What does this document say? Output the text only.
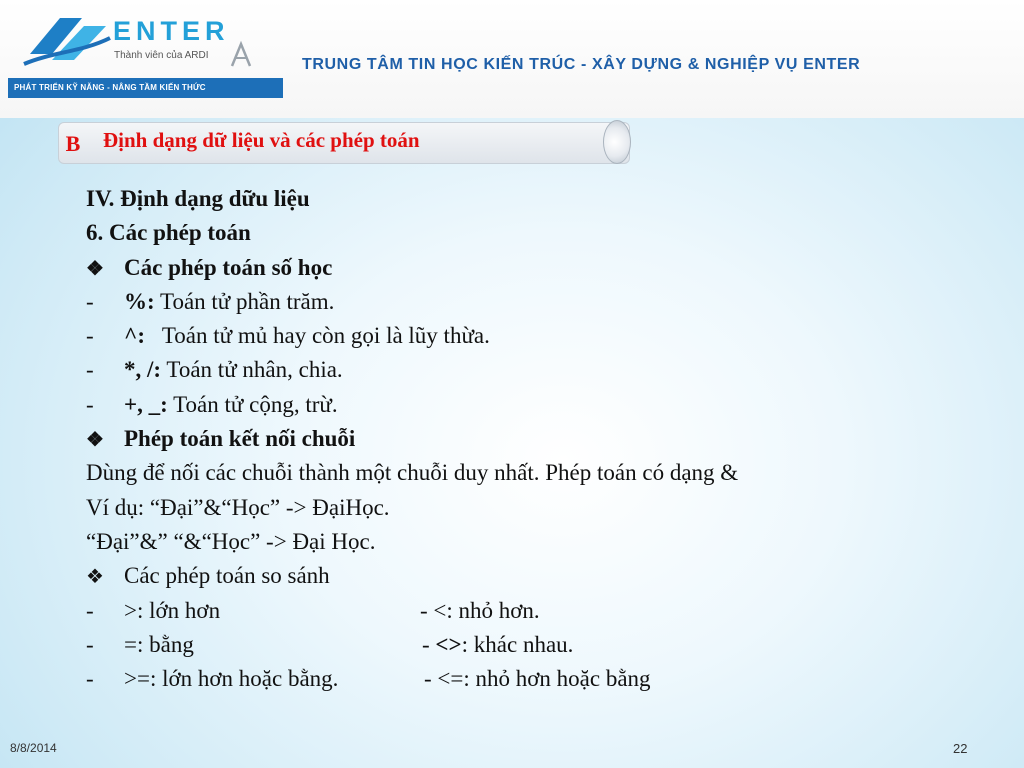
ENTER
Thành viên của ARDI
PHÁT TRIỂN KỸ NĂNG - NÂNG TẦM KIẾN THỨC
TRUNG TÂM TIN HỌC KIẾN TRÚC - XÂY DỰNG & NGHIỆP VỤ ENTER
B	Định dạng dữ liệu và các phép toán
IV. Định dạng dữu liệu
6. Các phép toán
❖ Các phép toán số học
- %: Toán tử phần trăm.
- ^:   Toán tử mủ hay còn gọi là lũy thừa.
- *, /: Toán tử nhân, chia.
- +, _: Toán tử cộng, trừ.
❖ Phép toán kết nối chuỗi
Dùng để nối các chuỗi thành một chuỗi duy nhất. Phép toán có dạng &
Ví dụ: “Đại”&“Học” -> ĐạiHọc.
“Đại”&” “&“Học” -> Đại Học.
❖ Các phép toán so sánh
- >: lớn hơn	- <: nhỏ hơn.
- =: bằng	- <>: khác nhau.
- >=: lớn hơn hoặc bằng.	- <=: nhỏ hơn hoặc bằng
8/8/2014	22
